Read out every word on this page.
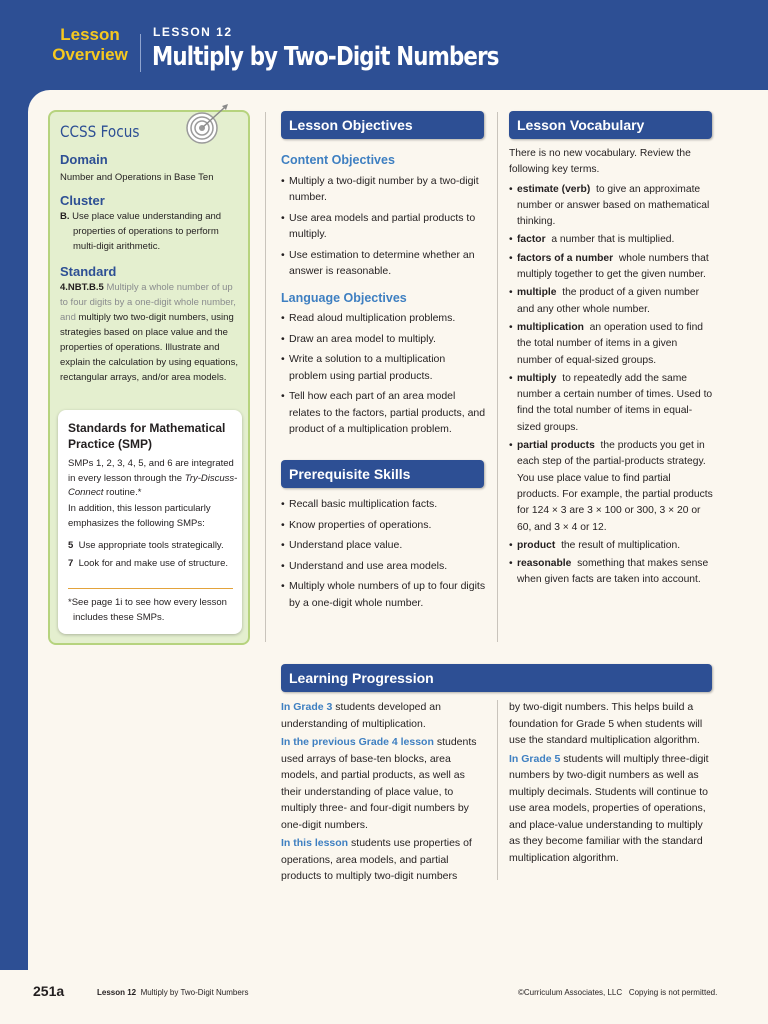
Lesson
Overview
LESSON 12
Multiply by Two-Digit Numbers
CCSS Focus
Domain
Number and Operations in Base Ten
Cluster
B. Use place value understanding and properties of operations to perform multi-digit arithmetic.
Standard
4.NBT.B.5 Multiply a whole number of up to four digits by a one-digit whole number, and multiply two two-digit numbers, using strategies based on place value and the properties of operations. Illustrate and explain the calculation by using equations, rectangular arrays, and/or area models.
Standards for Mathematical Practice (SMP)
SMPs 1, 2, 3, 4, 5, and 6 are integrated in every lesson through the Try-Discuss-Connect routine.*
In addition, this lesson particularly emphasizes the following SMPs:
5 Use appropriate tools strategically.
7 Look for and make use of structure.
*See page 1i to see how every lesson includes these SMPs.
Lesson Objectives
Content Objectives
• Multiply a two-digit number by a two-digit number.
• Use area models and partial products to multiply.
• Use estimation to determine whether an answer is reasonable.
Language Objectives
• Read aloud multiplication problems.
• Draw an area model to multiply.
• Write a solution to a multiplication problem using partial products.
• Tell how each part of an area model relates to the factors, partial products, and product of a multiplication problem.
Prerequisite Skills
• Recall basic multiplication facts.
• Know properties of operations.
• Understand place value.
• Understand and use area models.
• Multiply whole numbers of up to four digits by a one-digit whole number.
Lesson Vocabulary
There is no new vocabulary. Review the following key terms.
• estimate (verb) to give an approximate number or answer based on mathematical thinking.
• factor a number that is multiplied.
• factors of a number whole numbers that multiply together to get the given number.
• multiple the product of a given number and any other whole number.
• multiplication an operation used to find the total number of items in a given number of equal-sized groups.
• multiply to repeatedly add the same number a certain number of times. Used to find the total number of items in equal-sized groups.
• partial products the products you get in each step of the partial-products strategy. You use place value to find partial products. For example, the partial products for 124 × 3 are 3 × 100 or 300, 3 × 20 or 60, and 3 × 4 or 12.
• product the result of multiplication.
• reasonable something that makes sense when given facts are taken into account.
Learning Progression
In Grade 3 students developed an understanding of multiplication.
In the previous Grade 4 lesson students used arrays of base-ten blocks, area models, and partial products, as well as their understanding of place value, to multiply three- and four-digit numbers by one-digit numbers.
In this lesson students use properties of operations, area models, and partial products to multiply two-digit numbers
by two-digit numbers. This helps build a foundation for Grade 5 when students will use the standard multiplication algorithm.
In Grade 5 students will multiply three-digit numbers by two-digit numbers as well as multiply decimals. Students will continue to use area models, properties of operations, and place-value understanding to multiply as they become familiar with the standard multiplication algorithm.
251a	Lesson 12 Multiply by Two-Digit Numbers	©Curriculum Associates, LLC   Copying is not permitted.
